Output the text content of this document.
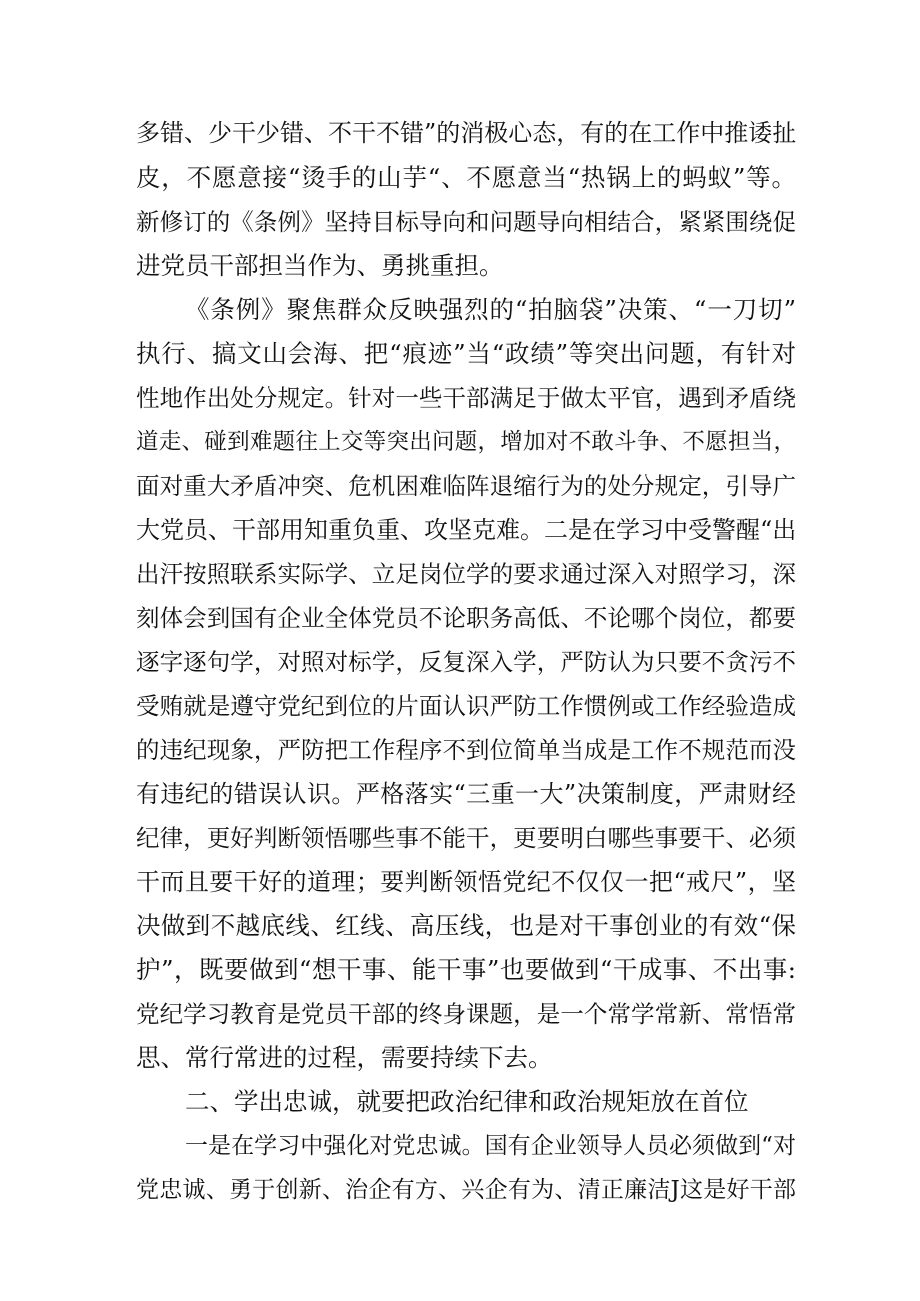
多错、少干少错、不干不错”的消极心态，有的在工作中推诿扯
皮，不愿意接“烫手的山芋“、不愿意当“热锅上的蚂蚁”等。
新修订的《条例》坚持目标导向和问题导向相结合，紧紧围绕促
进党员干部担当作为、勇挑重担。
《条例》聚焦群众反映强烈的“拍脑袋”决策、“一刀切”
执行、搞文山会海、把“痕迹”当“政绩”等突出问题，有针对
性地作出处分规定。针对一些干部满足于做太平官，遇到矛盾绕
道走、碰到难题往上交等突出问题，增加对不敢斗争、不愿担当，
面对重大矛盾冲突、危机困难临阵退缩行为的处分规定，引导广
大党员、干部用知重负重、攻坚克难。二是在学习中受警醒“出
出汗按照联系实际学、立足岗位学的要求通过深入对照学习，深
刻体会到国有企业全体党员不论职务高低、不论哪个岗位，都要
逐字逐句学，对照对标学，反复深入学，严防认为只要不贪污不
受贿就是遵守党纪到位的片面认识严防工作惯例或工作经验造成
的违纪现象，严防把工作程序不到位简单当成是工作不规范而没
有违纪的错误认识。严格落实“三重一大”决策制度，严肃财经
纪律，更好判断领悟哪些事不能干，更要明白哪些事要干、必须
干而且要干好的道理；要判断领悟党纪不仅仅一把“戒尺”，坚
决做到不越底线、红线、高压线，也是对干事创业的有效“保
护”，既要做到“想干事、能干事”也要做到“干成事、不出事:
党纪学习教育是党员干部的终身课题，是一个常学常新、常悟常
思、常行常进的过程，需要持续下去。
二、学出忠诚，就要把政治纪律和政治规矩放在首位
一是在学习中强化对党忠诚。国有企业领导人员必须做到“对
党忠诚、勇于创新、治企有方、兴企有为、清正廉洁J这是好干部
